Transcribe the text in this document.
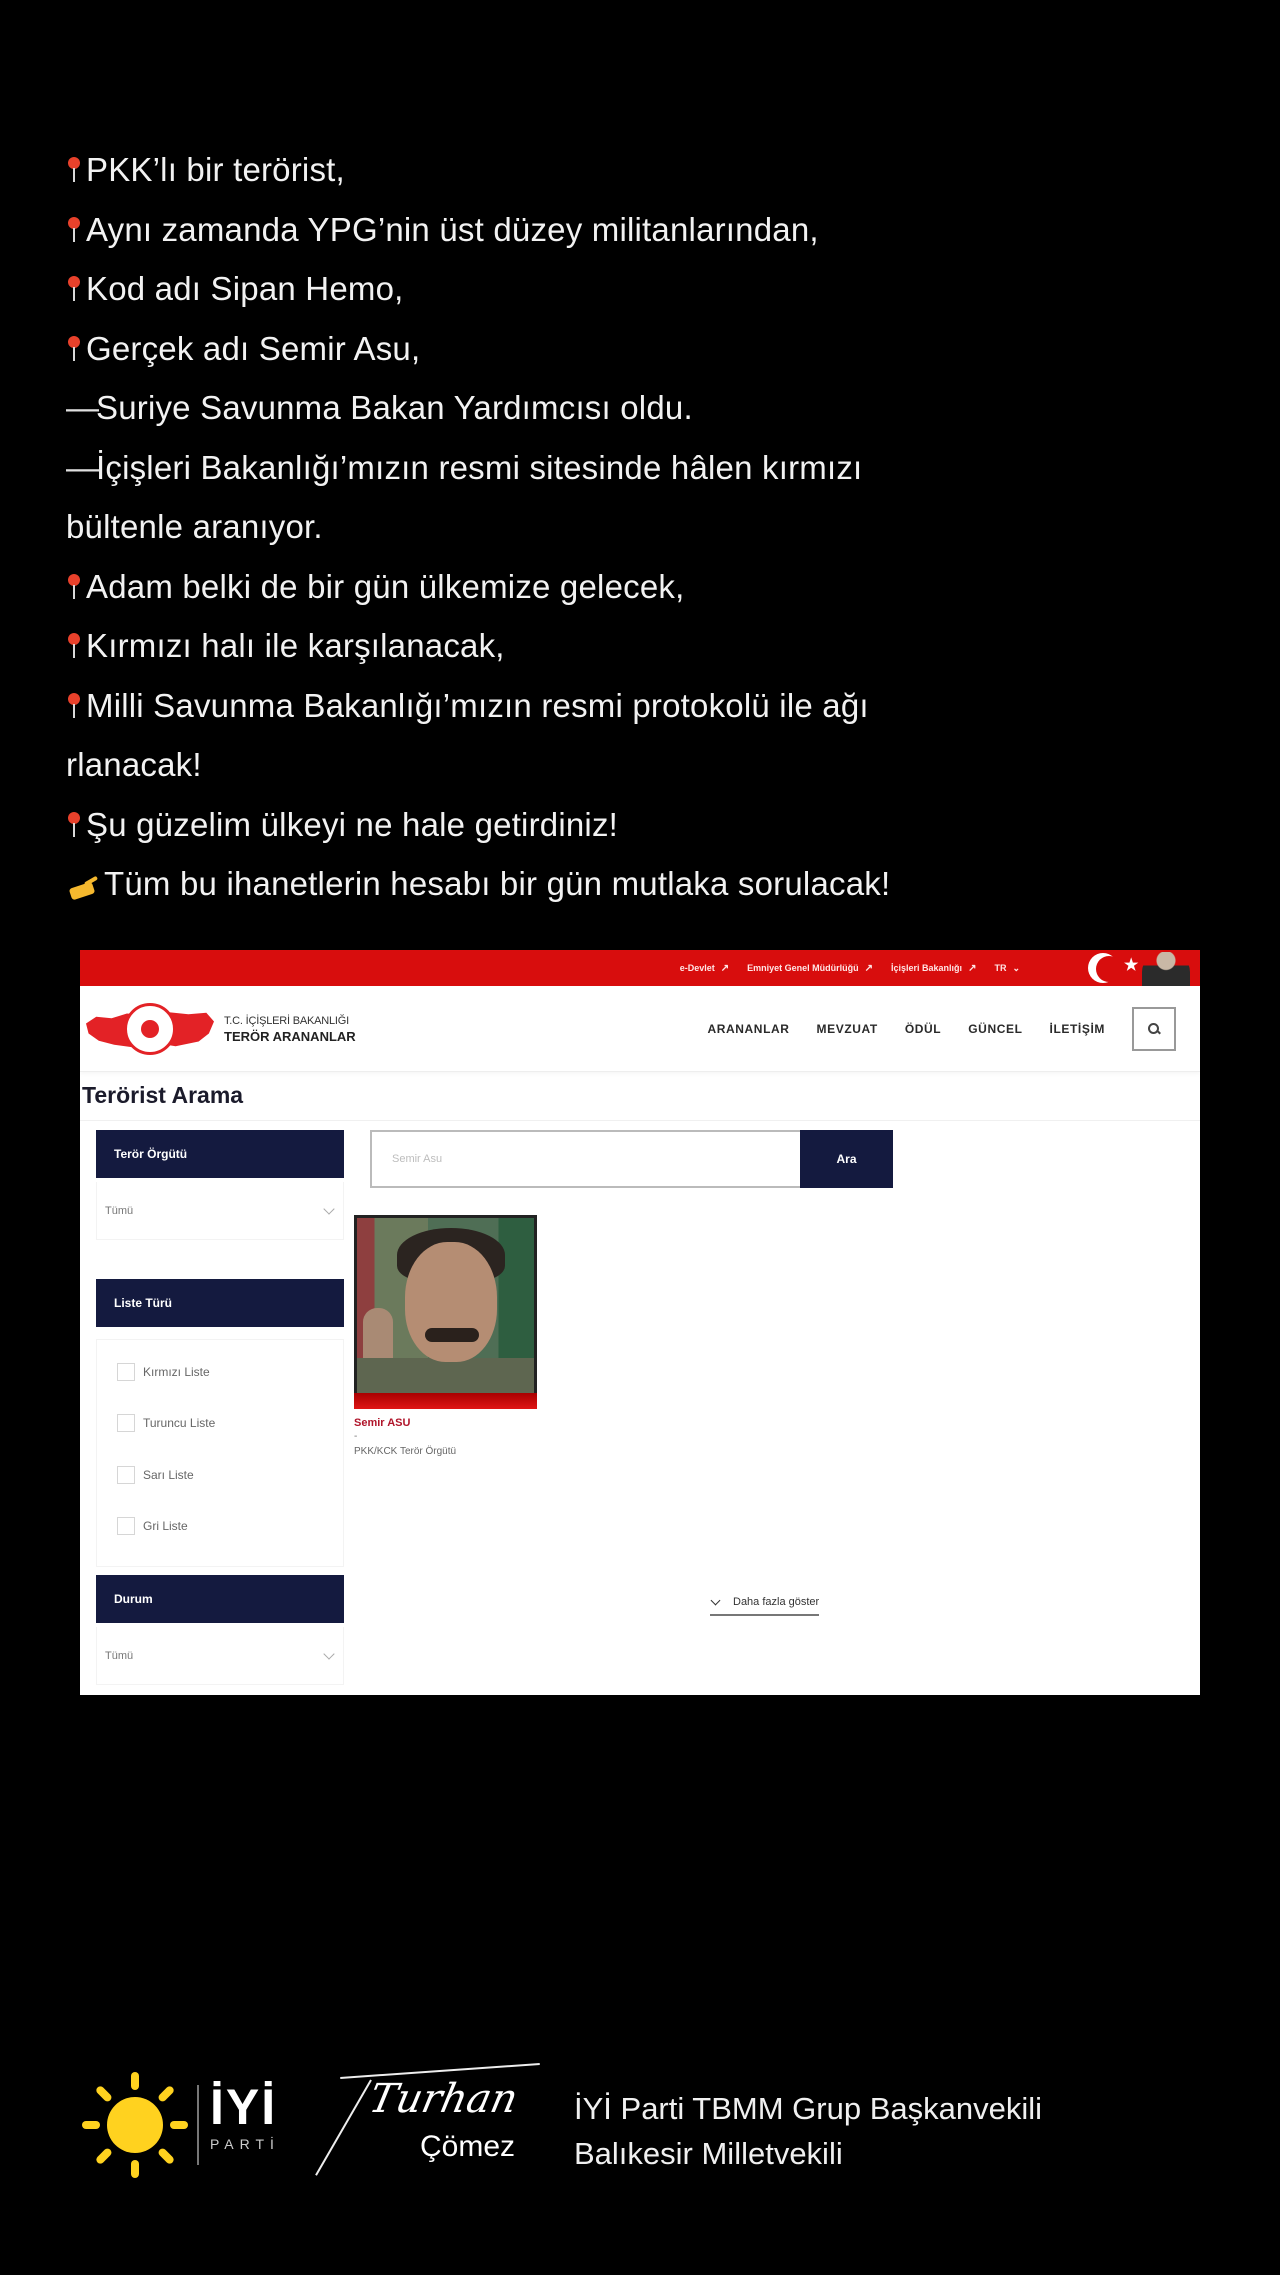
PKK’lı bir terörist,
Aynı zamanda YPG’nin üst düzey militanlarından,
Kod adı Sipan Hemo,
Gerçek adı Semir Asu,
—Suriye Savunma Bakan Yardımcısı oldu.
—İçişleri Bakanlığı’mızın resmi sitesinde hâlen kırmızı
bültenle aranıyor.
Adam belki de bir gün ülkemize gelecek,
Kırmızı halı ile karşılanacak,
Milli Savunma Bakanlığı’mızın resmi protokolü ile ağı
rlanacak!
Şu güzelim ülkeyi ne hale getirdiniz!
Tüm bu ihanetlerin hesabı bir gün mutlaka sorulacak!
e-Devlet ↗ Emniyet Genel Müdürlüğü ↗ İçişleri Bakanlığı ↗ TR ⌄	★
T.C. İÇİŞLERİ BAKANLIĞI
TERÖR ARANANLAR	ARANANLAR MEVZUAT ÖDÜL GÜNCEL İLETİŞİM
Terörist Arama
Terör Örgütü
Tümü
Liste Türü
Kırmızı Liste
Turuncu Liste
Sarı Liste
Gri Liste
Durum
Tümü
Semir Asu
Ara
Semir ASU
-
PKK/KCK Terör Örgütü
Daha fazla göster
İYİ
PARTİ
Turhan
Çömez
İYİ Parti TBMM Grup Başkanvekili
Balıkesir Milletvekili
